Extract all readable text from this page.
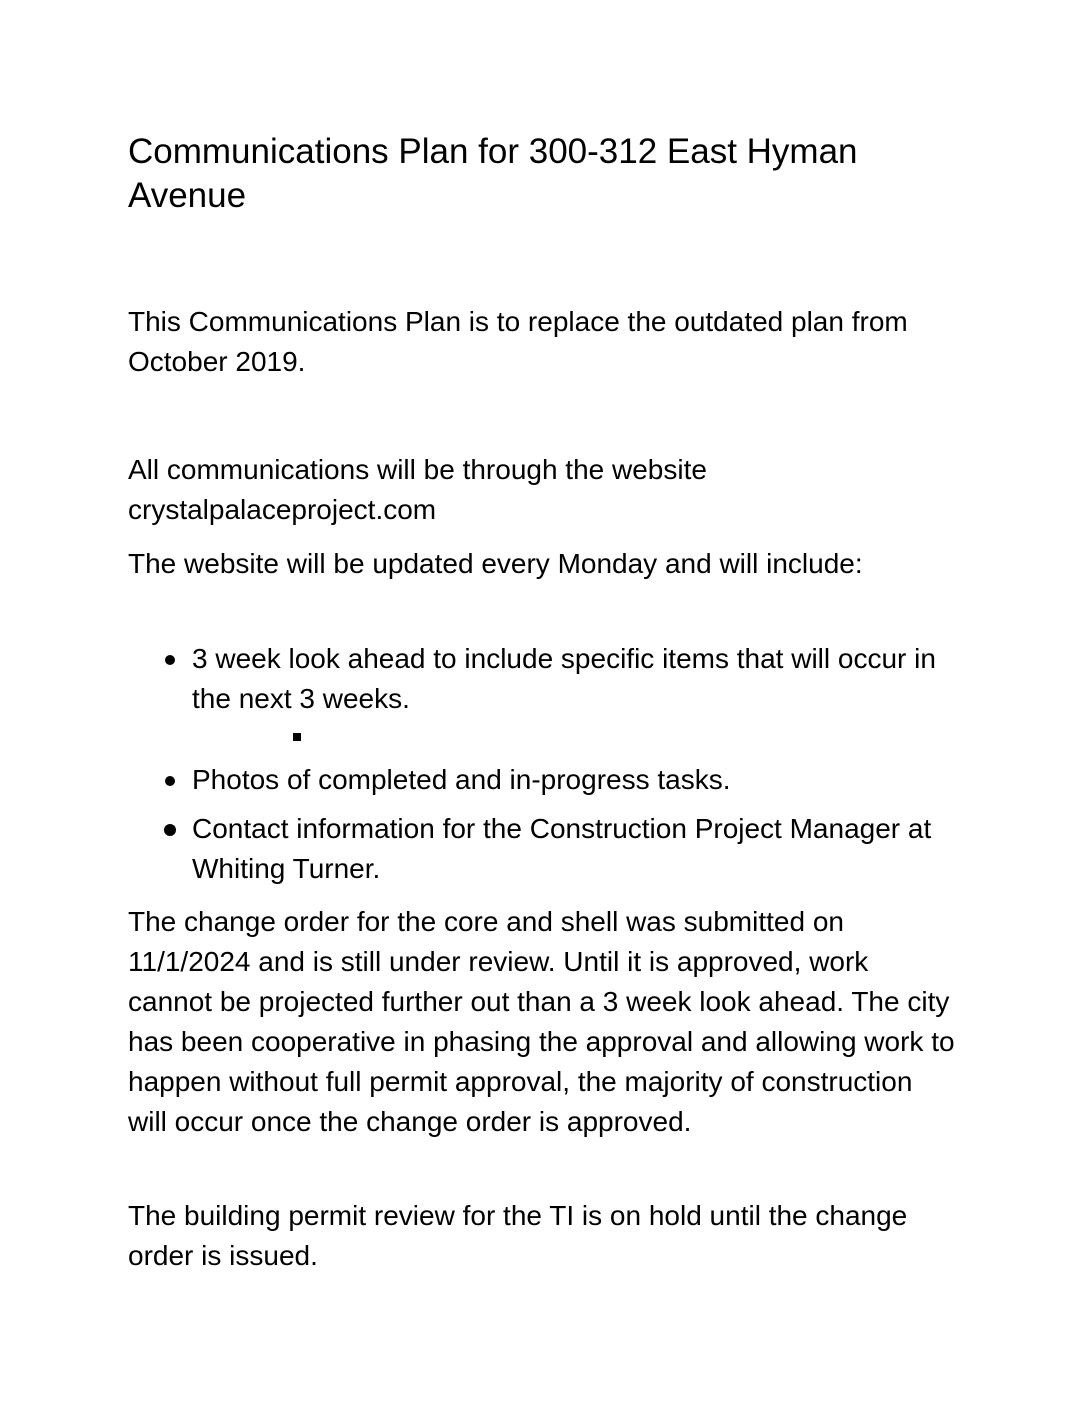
Communications Plan for 300-312 East Hyman Avenue

This Communications Plan is to replace the outdated plan from October 2019.

All communications will be through the website crystalpalaceproject.com

The website will be updated every Monday and will include:

3 week look ahead to include specific items that will occur in the next 3 weeks.
Photos of completed and in-progress tasks.
Contact information for the Construction Project Manager at Whiting Turner.

The change order for the core and shell was submitted on 11/1/2024 and is still under review. Until it is approved, work cannot be projected further out than a 3 week look ahead. The city has been cooperative in phasing the approval and allowing work to happen without full permit approval, the majority of construction will occur once the change order is approved.

The building permit review for the TI is on hold until the change order is issued.
